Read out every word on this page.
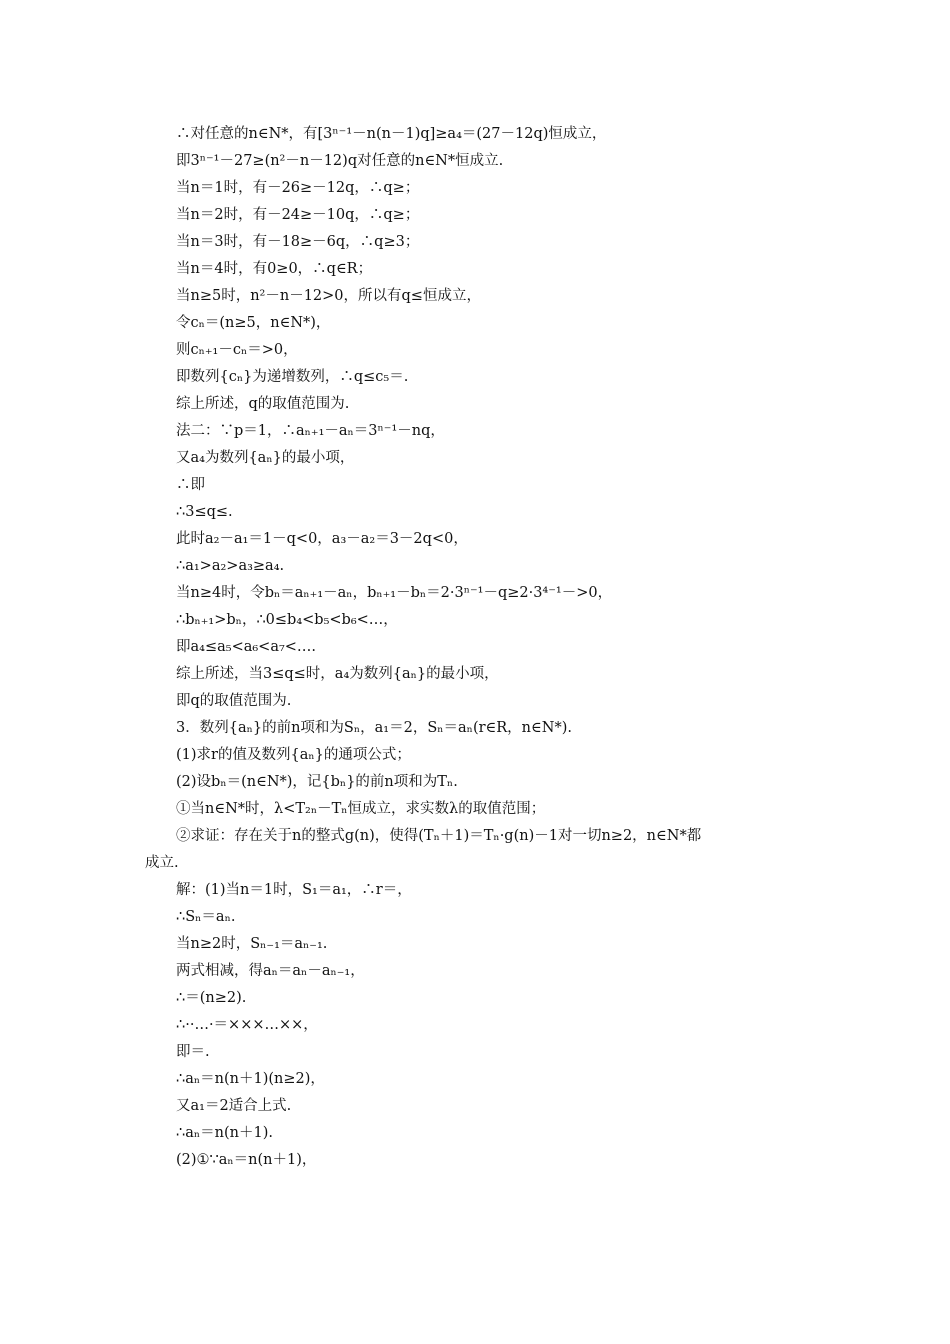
∴对任意的n∈N*，有[3ⁿ⁻¹－n(n－1)q]≥a₄＝(27－12q)恒成立，
即3ⁿ⁻¹－27≥(n²－n－12)q对任意的n∈N*恒成立.
当n＝1时，有－26≥－12q，∴q≥；
当n＝2时，有－24≥－10q，∴q≥；
当n＝3时，有－18≥－6q，∴q≥3；
当n＝4时，有0≥0，∴q∈R；
当n≥5时，n²－n－12>0，所以有q≤恒成立，
令cₙ＝(n≥5，n∈N*)，
则cₙ₊₁－cₙ＝>0，
即数列{cₙ}为递增数列，∴q≤c₅＝.
综上所述，q的取值范围为.
法二：∵p＝1，∴aₙ₊₁－aₙ＝3ⁿ⁻¹－nq，
又a₄为数列{aₙ}的最小项，
∴即
∴3≤q≤.
此时a₂－a₁＝1－q<0，a₃－a₂＝3－2q<0，
∴a₁>a₂>a₃≥a₄.
当n≥4时，令bₙ＝aₙ₊₁－aₙ，bₙ₊₁－bₙ＝2·3ⁿ⁻¹－q≥2·3⁴⁻¹－>0，
∴bₙ₊₁>bₙ，∴0≤b₄<b₅<b₆<…，
即a₄≤a₅<a₆<a₇<….
综上所述，当3≤q≤时，a₄为数列{aₙ}的最小项，
即q的取值范围为.
3．数列{aₙ}的前n项和为Sₙ，a₁＝2，Sₙ＝aₙ(r∈R，n∈N*).
(1)求r的值及数列{aₙ}的通项公式；
(2)设bₙ＝(n∈N*)，记{bₙ}的前n项和为Tₙ.
①当n∈N*时，λ<T₂ₙ－Tₙ恒成立，求实数λ的取值范围；
②求证：存在关于n的整式g(n)，使得(Tₙ＋1)＝Tₙ·g(n)－1对一切n≥2，n∈N*都
成立.
解：(1)当n＝1时，S₁＝a₁，∴r＝，
∴Sₙ＝aₙ.
当n≥2时，Sₙ₋₁＝aₙ₋₁.
两式相减，得aₙ＝aₙ－aₙ₋₁，
∴＝(n≥2).
∴··…·＝×××…××，
即＝.
∴aₙ＝n(n＋1)(n≥2)，
又a₁＝2适合上式.
∴aₙ＝n(n＋1).
(2)①∵aₙ＝n(n＋1)，
